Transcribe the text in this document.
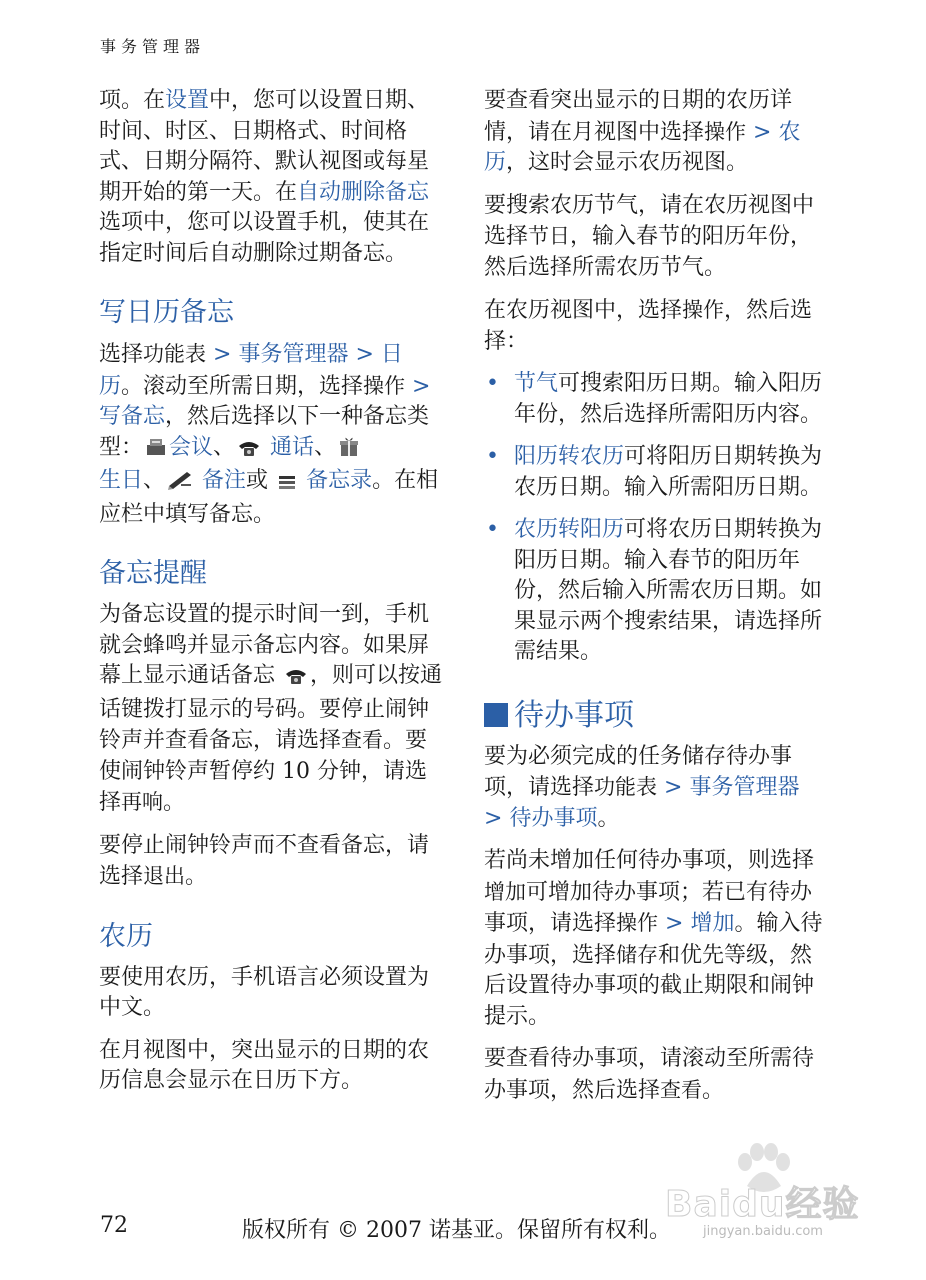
事务管理器

项。在设置中，您可以设置日期、时间、时区、日期格式、时间格式、日期分隔符、默认视图或每星期开始的第一天。在自动删除备忘选项中，您可以设置手机，使其在指定时间后自动删除过期备忘。

写日历备忘

选择功能表 > 事务管理器 > 日历。滚动至所需日期，选择操作 > 写备忘，然后选择以下一种备忘类型： 会议、 通话、
生日、 备注或 备忘录。在相应栏中填写备忘。

备忘提醒

为备忘设置的提示时间一到，手机就会蜂鸣并显示备忘内容。如果屏幕上显示通话备忘 ，则可以按通话键拨打显示的号码。要停止闹钟铃声并查看备忘，请选择查看。要使闹钟铃声暂停约 10 分钟，请选择再响。

要停止闹钟铃声而不查看备忘，请选择退出。

农历

要使用农历，手机语言必须设置为中文。

在月视图中，突出显示的日期的农历信息会显示在日历下方。

要查看突出显示的日期的农历详情，请在月视图中选择操作 > 农历，这时会显示农历视图。

要搜索农历节气，请在农历视图中选择节日，输入春节的阳历年份，然后选择所需农历节气。

在农历视图中，选择操作，然后选择：

• 节气可搜索阳历日期。输入阳历年份，然后选择所需阳历内容。
• 阳历转农历可将阳历日期转换为农历日期。输入所需阳历日期。
• 农历转阳历可将农历日期转换为阳历日期。输入春节的阳历年份，然后输入所需农历日期。如果显示两个搜索结果，请选择所需结果。
待办事项

要为必须完成的任务储存待办事项，请选择功能表 > 事务管理器
> 待办事项。

若尚未增加任何待办事项，则选择增加可增加待办事项；若已有待办事项，请选择操作 > 增加。输入待办事项，选择储存和优先等级，然后设置待办事项的截止期限和闹钟提示。

要查看待办事项，请滚动至所需待办事项，然后选择查看。

Baidu经验
jingyan.baidu.com
72	版权所有 © 2007 诺基亚。保留所有权利。
